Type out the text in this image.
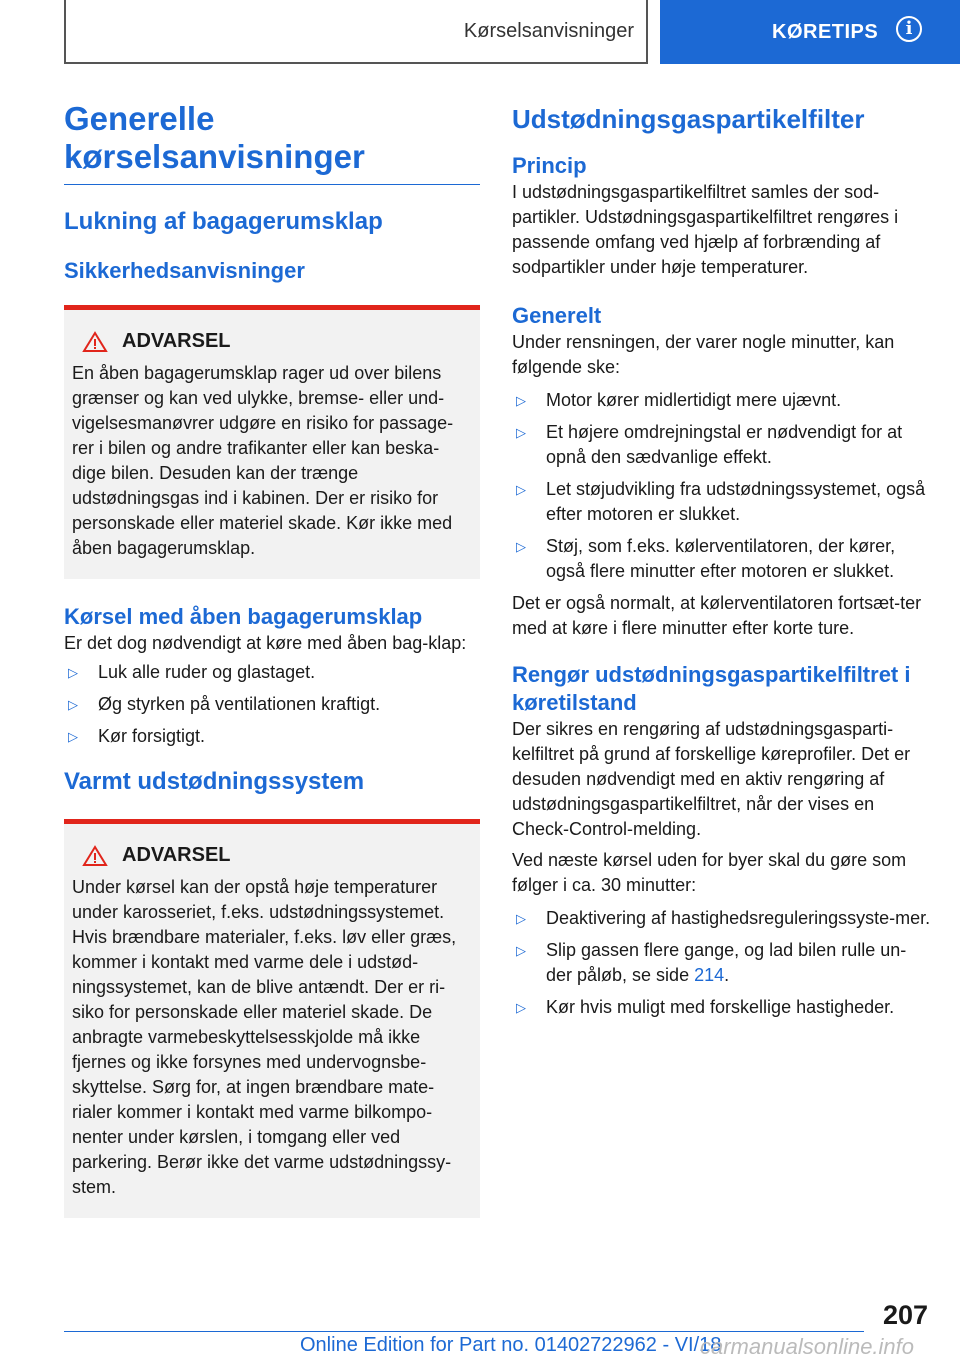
Kørselsanvisninger	KØRETIPS	i
Generelle kørselsanvisninger
Lukning af bagagerumsklap
Sikkerhedsanvisninger
ADVARSEL

En åben bagagerumsklap rager ud over bilens grænser og kan ved ulykke, bremse- eller und-vigelsesmanøvrer udgøre en risiko for passage-rer i bilen og andre trafikanter eller kan beska-dige bilen. Desuden kan der trænge udstødningsgas ind i kabinen. Der er risiko for personskade eller materiel skade. Kør ikke med åben bagagerumsklap.

Kørsel med åben bagagerumsklap

Er det dog nødvendigt at køre med åben bag-klap:

▷	Luk alle ruder og glastaget.
▷	Øg styrken på ventilationen kraftigt.
▷	Kør forsigtigt.
Varmt udstødningssystem
ADVARSEL

Under kørsel kan der opstå høje temperaturer under karosseriet, f.eks. udstødningssystemet. Hvis brændbare materialer, f.eks. løv eller græs, kommer i kontakt med varme dele i udstød-ningssystemet, kan de blive antændt. Der er ri-siko for personskade eller materiel skade. De anbragte varmebeskyttelsesskjolde må ikke fjernes og ikke forsynes med undervognsbe-skyttelse. Sørg for, at ingen brændbare mate-rialer kommer i kontakt med varme bilkompo-nenter under kørslen, i tomgang eller ved parkering. Berør ikke det varme udstødningssy-stem.

Udstødningsgaspartikelfilter
Princip

I udstødningsgaspartikelfiltret samles der sod-partikler. Udstødningsgaspartikelfiltret rengøres i passende omfang ved hjælp af forbrænding af sodpartikler under høje temperaturer.

Generelt

Under rensningen, der varer nogle minutter, kan følgende ske:

▷	Motor kører midlertidigt mere ujævnt.
▷	Et højere omdrejningstal er nødvendigt for at opnå den sædvanlige effekt.
▷	Let støjudvikling fra udstødningssystemet, også efter motoren er slukket.
▷	Støj, som f.eks. kølerventilatoren, der kører, også flere minutter efter motoren er slukket.

Det er også normalt, at kølerventilatoren fortsæt-ter med at køre i flere minutter efter korte ture.

Rengør udstødningsgaspartikelfiltret i køretilstand

Der sikres en rengøring af udstødningsgasparti-kelfiltret på grund af forskellige køreprofiler. Det er desuden nødvendigt med en aktiv rengøring af udstødningsgaspartikelfiltret, når der vises en Check-Control-melding.

Ved næste kørsel uden for byer skal du gøre som følger i ca. 30 minutter:

▷	Deaktivering af hastighedsreguleringssyste-mer.
▷	Slip gassen flere gange, og lad bilen rulle un-der påløb, se side 214.
▷	Kør hvis muligt med forskellige hastigheder.
207
Online Edition for Part no. 01402722962 - VI/18
carmanualsonline.info
